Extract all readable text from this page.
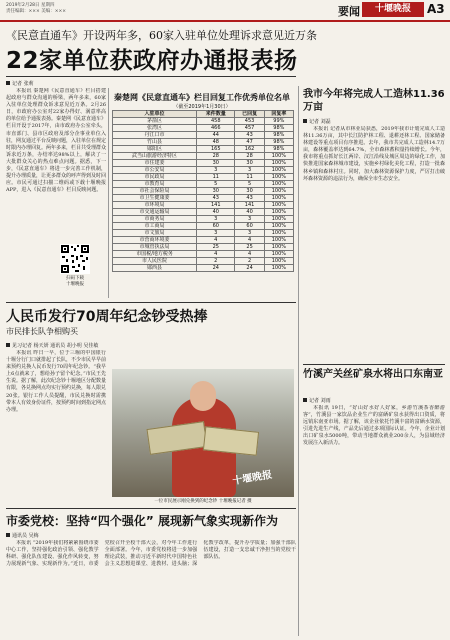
2019年2月28日 星期四
责任编辑：××× 美编：×××	要闻	十堰晚报	A3
《民意直通车》开设两年多，60家入驻单位处理诉求意见近万条
22家单位获政府办通报表扬
记者 张莉
本报讯 秦楚网《民意直通车》栏目搭建起政府与群众沟通的桥梁，两年多来，60家入驻单位处理群众诉求意见近万条。2月26日，市政府办公室对22家办得好、满意率高的单位给予通报表扬。秦楚网《民意直通车》栏目开设于2017年，由市政府办公室牵头，市直部门、县市区政府及部分企事业单位入驻，网友通过平台反映问题，入驻单位在规定时限内办理回复。两年多来，栏目共受理群众诉求近万条，办结率达98%以上，解决了一大批群众关心的热点难点问题。据悉，下一步，《民意直通车》将进一步完善工作机制，提升办理质量，让更多群众的呼声得到及时回应。市民可通过扫描二维码或下载十堰晚报APP，进入《民意直通车》栏目反映问题。
扫码下载
十堰晚报
秦楚网《民意直通车》栏目回复工作优秀单位名单
（截至2019年1月30日）
入驻单位	来件数量	已回复	回复率
茅箭区	458	453	99%
张湾区	466	457	98%
丹江口市	44	43	98%
竹山县	48	47	98%
郧阳区	165	162	98%
武当山旅游经济特区	28	28	100%
市住建委	30	30	100%
市公安局	3	3	100%
市民政局	11	11	100%
市教育局	5	5	100%
市社会保险局	30	30	100%
市卫生健康委	43	43	100%
市环境局	141	141	100%
市交通运输局	40	40	100%
市商务局	3	3	100%
市工商局	60	60	100%
市文旅局	3	3	100%
市营商环境委	4	4	100%
市城管执法局	25	25	100%
市国税/地方税务	4	4	100%
市人民医院	2	2	100%
郧西县	24	24	100%
我市今年将完成人工造林11.36万亩
记者 刘磊
本报讯 记者从市林业局获悉，2019年我市计划完成人工造林11.36万亩，其中长江防护林工程、退耕还林工程、国家储备林建设等重点项目有序推进。去年，我市共完成人工造林14.7万亩，森林覆盖率达到64.7%，全市森林蓄积量持续增长。今年，我市将重点抓好长江两岸、汉江沿线及城区周边的绿化工作，加快推进国家森林城市建设，实施乡村绿化美化工程，打造一批森林乡镇和森林村庄。同时，加大森林资源保护力度，严厉打击破坏森林资源的违法行为，确保全市生态安全。
竹溪产关丝矿泉水将出口东南亚
记者 刘雨
本报讯 19日，“好山好水好人好家，乡游竹溪茶香醉游客”，竹溪县一家饮品企业生产的富硒矿泉水获得出口资质，将远销东南亚市场。据了解，该企业依托竹溪丰富的富硒水资源，引进先进生产线，产品先后通过多项国际认证。今年，企业计划出口矿泉水5000吨，带动当地群众就业200余人，为县域经济发展注入新活力。
人民币发行70周年纪念钞受热捧
市民排长队争相购买
见习记者 杨天妍 通讯员 胡小明 吴佳敏
本报讯 昨日一早，位于三堰的中国银行十堰分行门口就排起了长队，不少市民早早前来预约兑换人民币发行70周年纪念钞。“我早上6点就来了，想给孙子留个纪念。”市民王先生说。据了解，此次纪念钞十堰地区分配数量有限，各兑换网点均实行预约兑换，每人限兑20张。银行工作人员提醒，市民兑换时需携带本人有效身份证件，按预约时间到指定网点办理。
十堰晚报
一位市民展示刚兑换到的纪念钞 十堰晚报记者 摄
市委党校：坚持“四个强化” 展现新气象实现新作为
通讯员 吴梅
本报讯 “2019年我们将紧紧围绕市委中心工作，坚持强化政治引领、强化教学科研、强化队伍建设、强化作风转变，努力展现新气象、实现新作为。”近日，市委党校召开全校干部大会，对今年工作进行全面部署。今年，市委党校将进一步加强理论武装，推动习近平新时代中国特色社会主义思想进课堂、进教材、进头脑；深化教学改革，提升办学质量；加强干部队伍建设，打造一支忠诚干净担当的党校干部队伍。
